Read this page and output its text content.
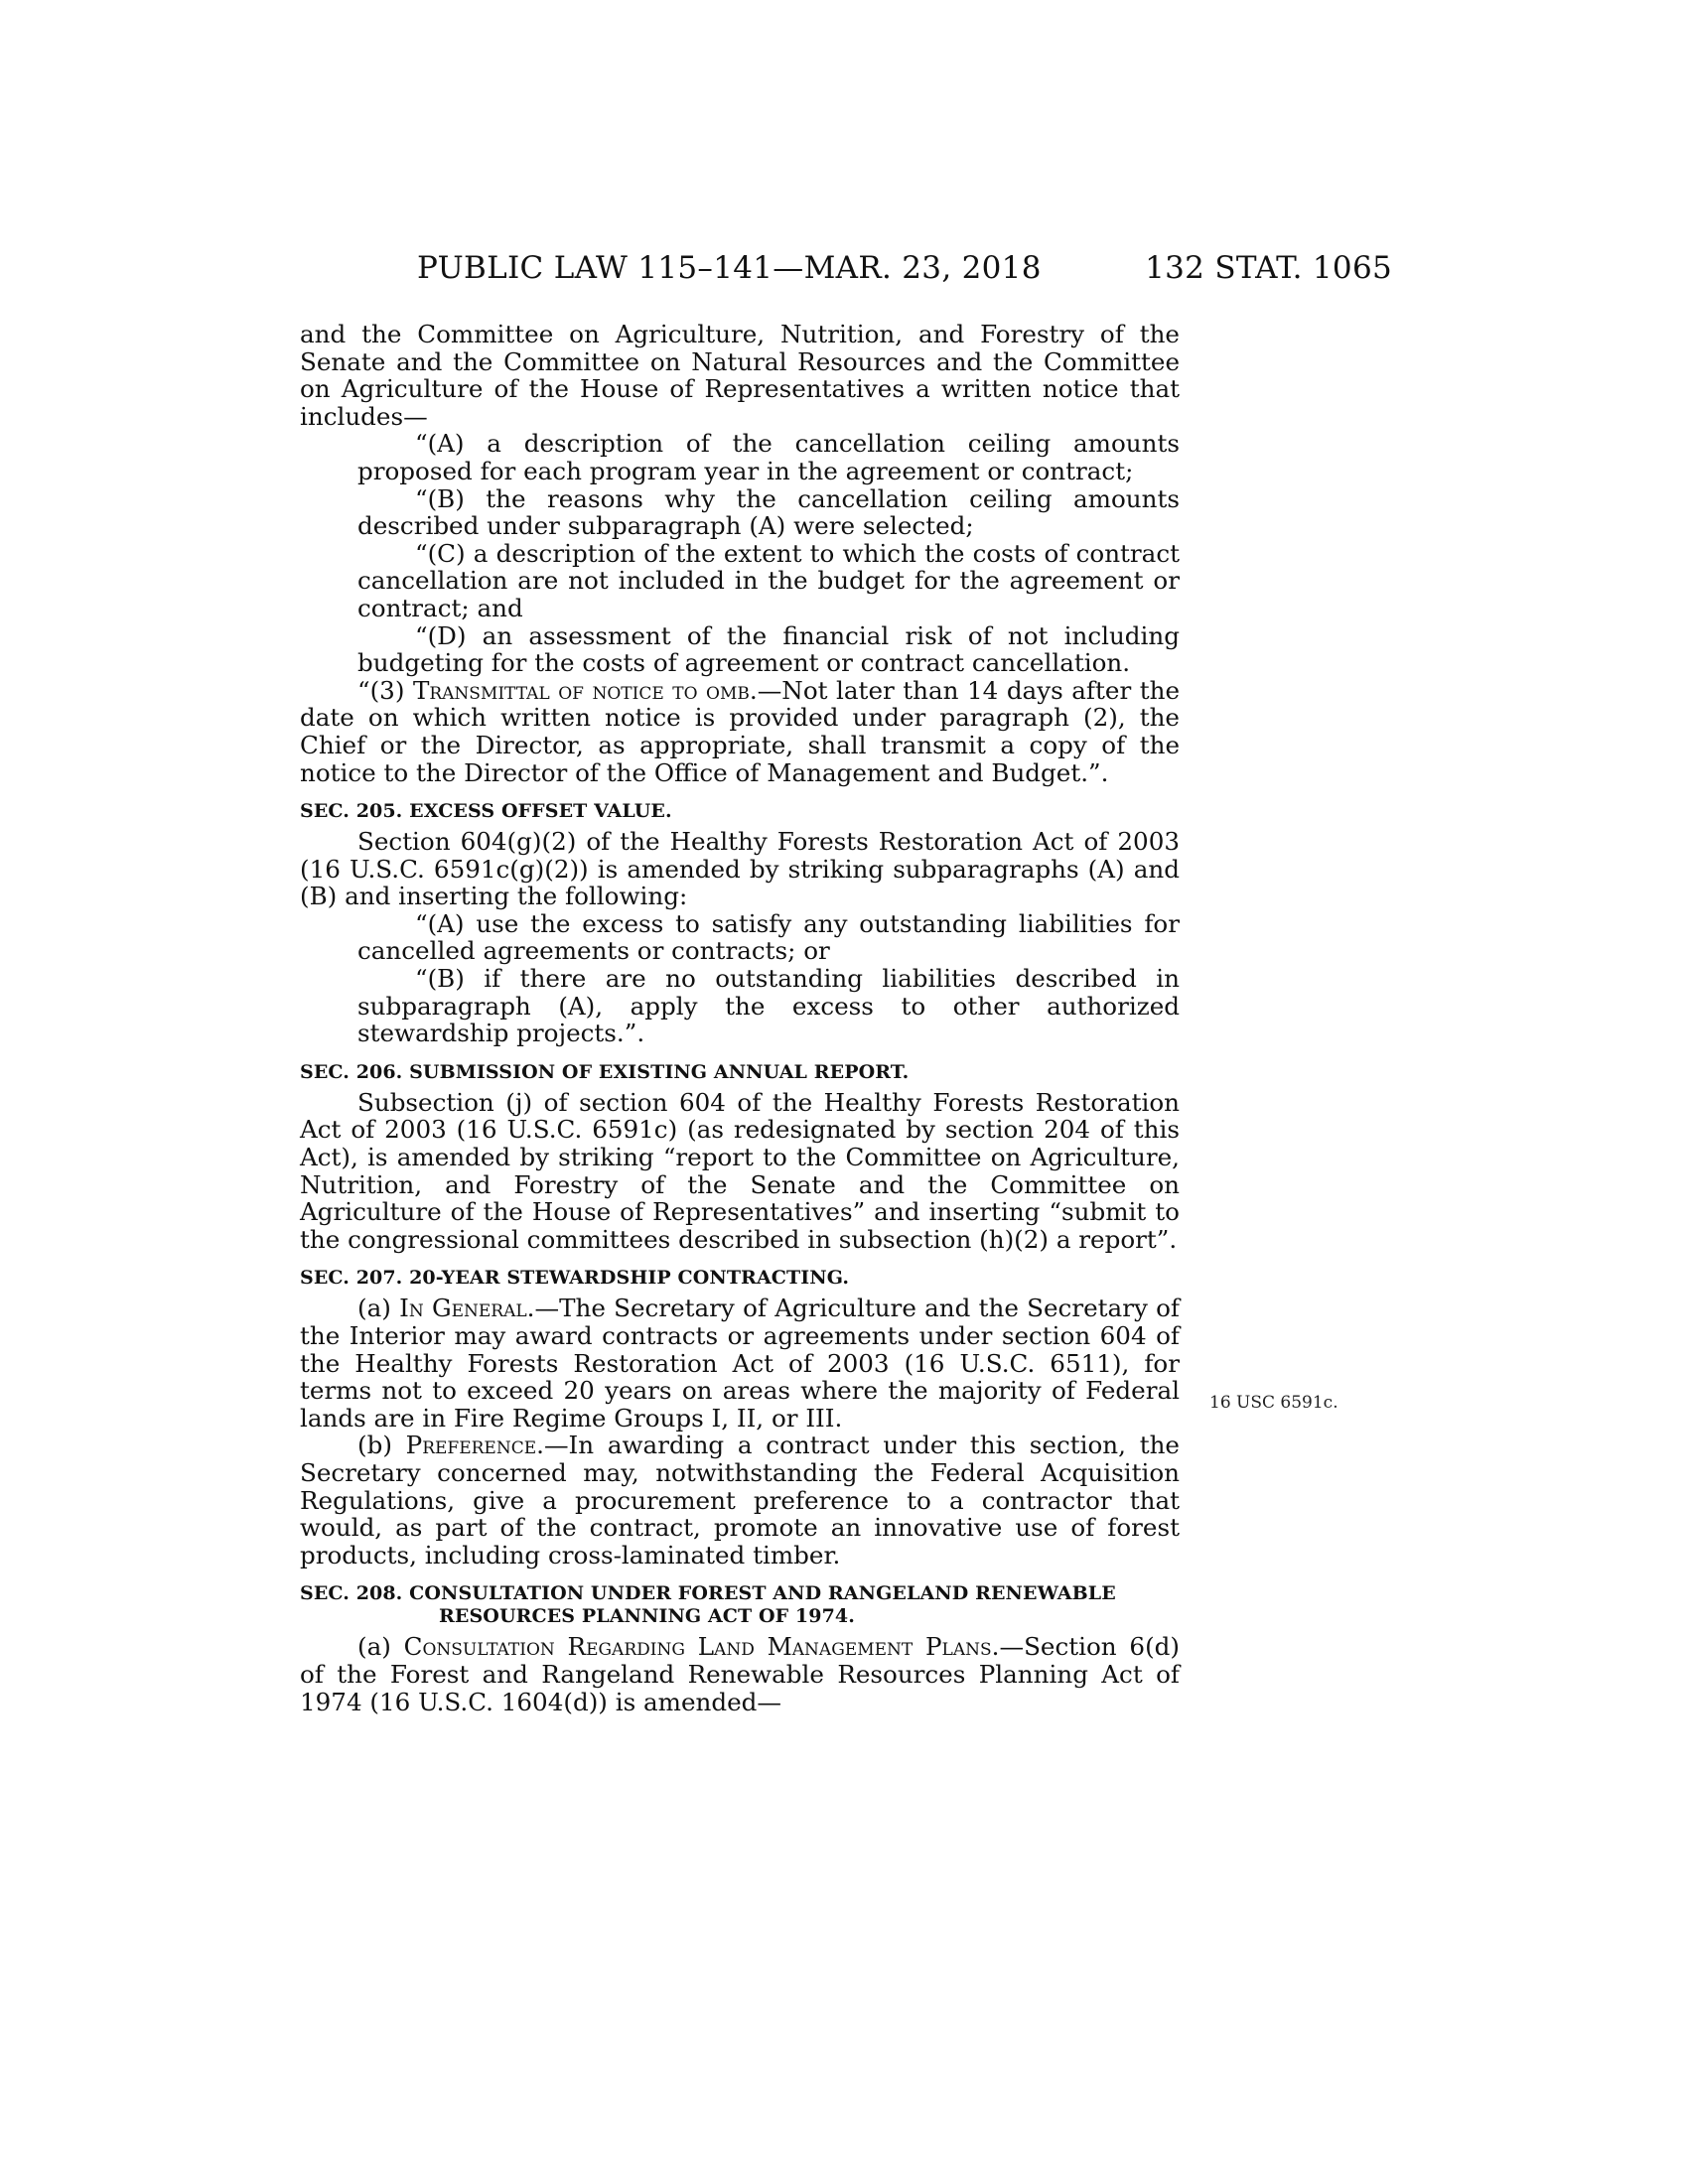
PUBLIC LAW 115–141—MAR. 23, 2018	132 STAT. 1065
16 USC 6591c.

and the Committee on Agriculture, Nutrition, and Forestry of the Senate and the Committee on Natural Resources and the Committee on Agriculture of the House of Representatives a written notice that includes—

“(A) a description of the cancellation ceiling amounts proposed for each program year in the agreement or contract;

“(B) the reasons why the cancellation ceiling amounts described under subparagraph (A) were selected;

“(C) a description of the extent to which the costs of contract cancellation are not included in the budget for the agreement or contract; and

“(D) an assessment of the financial risk of not including budgeting for the costs of agreement or contract cancellation.

“(3) Transmittal of notice to omb.—Not later than 14 days after the date on which written notice is provided under paragraph (2), the Chief or the Director, as appropriate, shall transmit a copy of the notice to the Director of the Office of Management and Budget.”.

SEC. 205. EXCESS OFFSET VALUE.

Section 604(g)(2) of the Healthy Forests Restoration Act of 2003 (16 U.S.C. 6591c(g)(2)) is amended by striking subparagraphs (A) and (B) and inserting the following:

“(A) use the excess to satisfy any outstanding liabilities for cancelled agreements or contracts; or

“(B) if there are no outstanding liabilities described in subparagraph (A), apply the excess to other authorized stewardship projects.”.

SEC. 206. SUBMISSION OF EXISTING ANNUAL REPORT.

Subsection (j) of section 604 of the Healthy Forests Restoration Act of 2003 (16 U.S.C. 6591c) (as redesignated by section 204 of this Act), is amended by striking “report to the Committee on Agriculture, Nutrition, and Forestry of the Senate and the Committee on Agriculture of the House of Representatives” and inserting “submit to the congressional committees described in subsection (h)(2) a report”.

SEC. 207. 20-YEAR STEWARDSHIP CONTRACTING.

(a) In General.—The Secretary of Agriculture and the Secretary of the Interior may award contracts or agreements under section 604 of the Healthy Forests Restoration Act of 2003 (16 U.S.C. 6511), for terms not to exceed 20 years on areas where the majority of Federal lands are in Fire Regime Groups I, II, or III.

(b) Preference.—In awarding a contract under this section, the Secretary concerned may, notwithstanding the Federal Acquisition Regulations, give a procurement preference to a contractor that would, as part of the contract, promote an innovative use of forest products, including cross-laminated timber.

SEC. 208. CONSULTATION UNDER FOREST AND RANGELAND RENEWABLE RESOURCES PLANNING ACT OF 1974.

(a) Consultation Regarding Land Management Plans.—Section 6(d) of the Forest and Rangeland Renewable Resources Planning Act of 1974 (16 U.S.C. 1604(d)) is amended—
